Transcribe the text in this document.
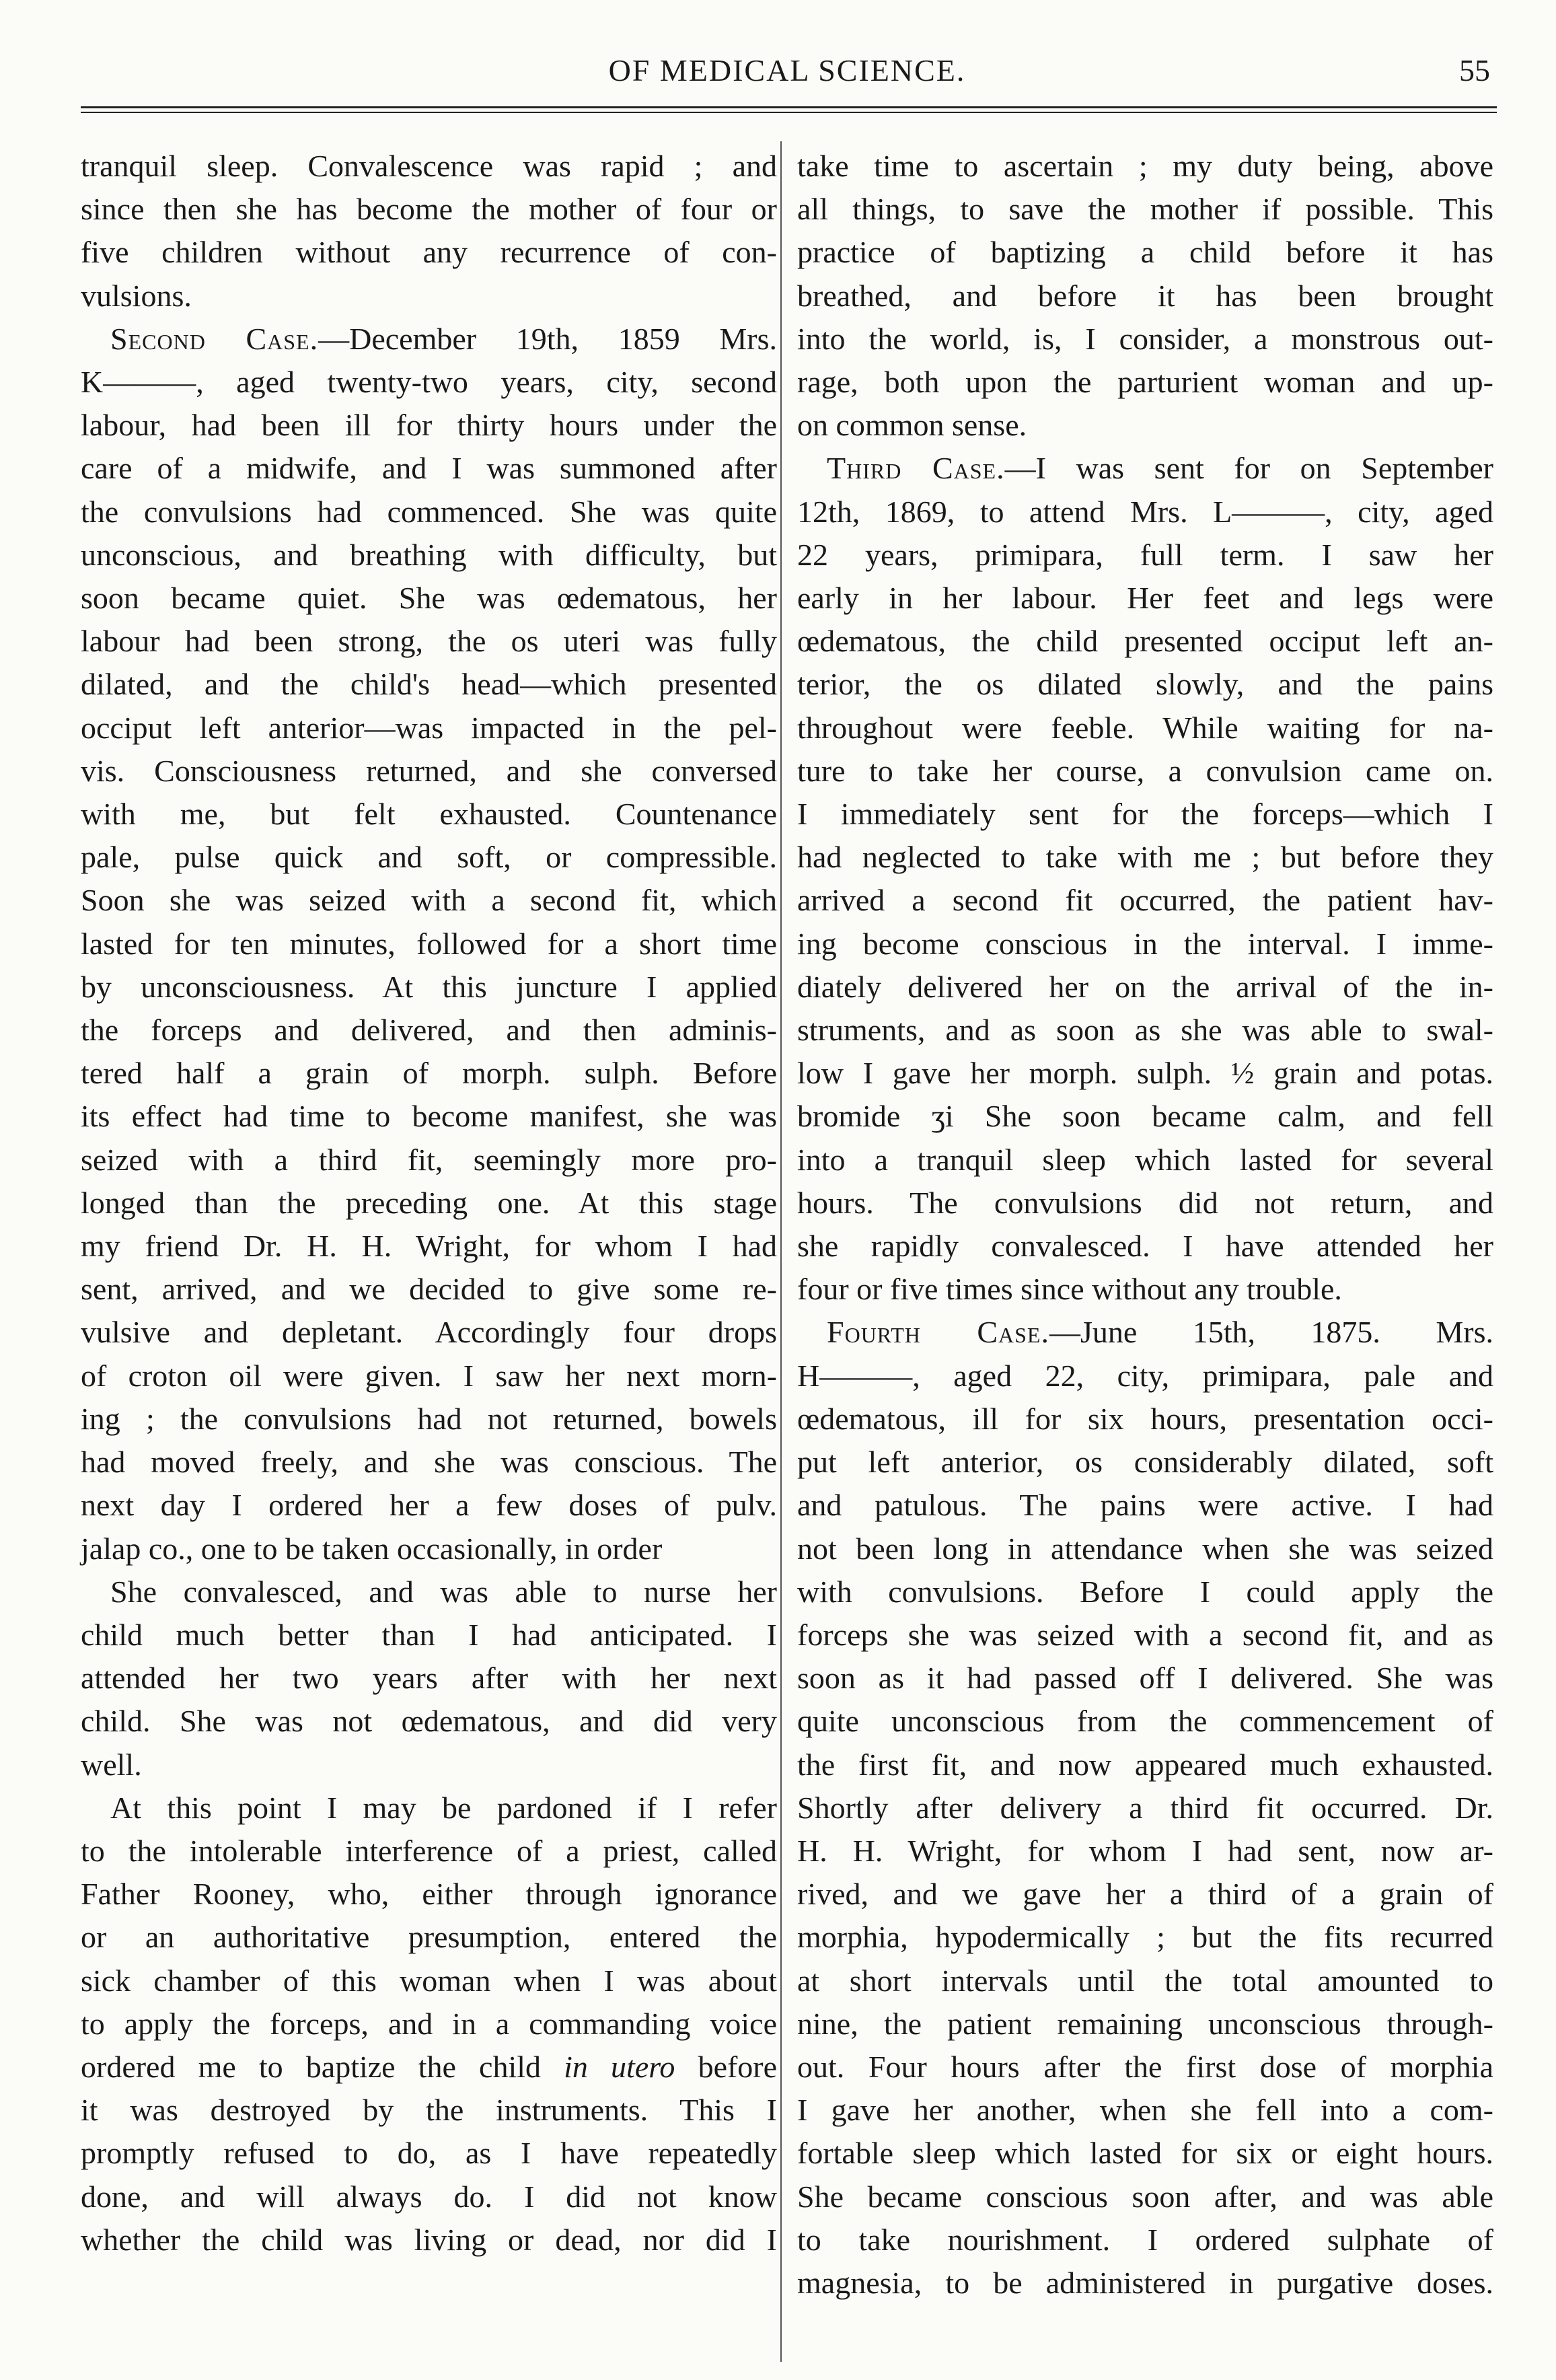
OF MEDICAL SCIENCE.	55
tranquil sleep. Convalescence was rapid ; and
since then she has become the mother of four or
five children without any recurrence of con-
vulsions.
Second Case.—December 19th, 1859 Mrs.
K———, aged twenty-two years, city, second
labour, had been ill for thirty hours under the
care of a midwife, and I was summoned after
the convulsions had commenced. She was quite
unconscious, and breathing with difficulty, but
soon became quiet. She was œdematous, her
labour had been strong, the os uteri was fully
dilated, and the child's head—which presented
occiput left anterior—was impacted in the pel-
vis. Consciousness returned, and she conversed
with me, but felt exhausted. Countenance
pale, pulse quick and soft, or compressible.
Soon she was seized with a second fit, which
lasted for ten minutes, followed for a short time
by unconsciousness. At this juncture I applied
the forceps and delivered, and then adminis-
tered half a grain of morph. sulph. Before
its effect had time to become manifest, she was
seized with a third fit, seemingly more pro-
longed than the preceding one. At this stage
my friend Dr. H. H. Wright, for whom I had
sent, arrived, and we decided to give some re-
vulsive and depletant. Accordingly four drops
of croton oil were given. I saw her next morn-
ing ; the convulsions had not returned, bowels
had moved freely, and she was conscious. The
next day I ordered her a few doses of pulv.
jalap co., one to be taken occasionally, in order
She convalesced, and was able to nurse her
child much better than I had anticipated. I
attended her two years after with her next
child. She was not œdematous, and did very
well.
At this point I may be pardoned if I refer
to the intolerable interference of a priest, called
Father Rooney, who, either through ignorance
or an authoritative presumption, entered the
sick chamber of this woman when I was about
to apply the forceps, and in a commanding voice
ordered me to baptize the child in utero before
it was destroyed by the instruments. This I
promptly refused to do, as I have repeatedly
done, and will always do. I did not know
whether the child was living or dead, nor did I
take time to ascertain ; my duty being, above
all things, to save the mother if possible. This
practice of baptizing a child before it has
breathed, and before it has been brought
into the world, is, I consider, a monstrous out-
rage, both upon the parturient woman and up-
on common sense.
Third Case.—I was sent for on September
12th, 1869, to attend Mrs. L———, city, aged
22 years, primipara, full term. I saw her
early in her labour. Her feet and legs were
œdematous, the child presented occiput left an-
terior, the os dilated slowly, and the pains
throughout were feeble. While waiting for na-
ture to take her course, a convulsion came on.
I immediately sent for the forceps—which I
had neglected to take with me ; but before they
arrived a second fit occurred, the patient hav-
ing become conscious in the interval. I imme-
diately delivered her on the arrival of the in-
struments, and as soon as she was able to swal-
low I gave her morph. sulph. ½ grain and potas.
bromide ʒi She soon became calm, and fell
into a tranquil sleep which lasted for several
hours. The convulsions did not return, and
she rapidly convalesced. I have attended her
four or five times since without any trouble.
Fourth Case.—June 15th, 1875. Mrs.
H———, aged 22, city, primipara, pale and
œdematous, ill for six hours, presentation occi-
put left anterior, os considerably dilated, soft
and patulous. The pains were active. I had
not been long in attendance when she was seized
with convulsions. Before I could apply the
forceps she was seized with a second fit, and as
soon as it had passed off I delivered. She was
quite unconscious from the commencement of
the first fit, and now appeared much exhausted.
Shortly after delivery a third fit occurred. Dr.
H. H. Wright, for whom I had sent, now ar-
rived, and we gave her a third of a grain of
morphia, hypodermically ; but the fits recurred
at short intervals until the total amounted to
nine, the patient remaining unconscious through-
out. Four hours after the first dose of morphia
I gave her another, when she fell into a com-
fortable sleep which lasted for six or eight hours.
She became conscious soon after, and was able
to take nourishment. I ordered sulphate of
magnesia, to be administered in purgative doses.
